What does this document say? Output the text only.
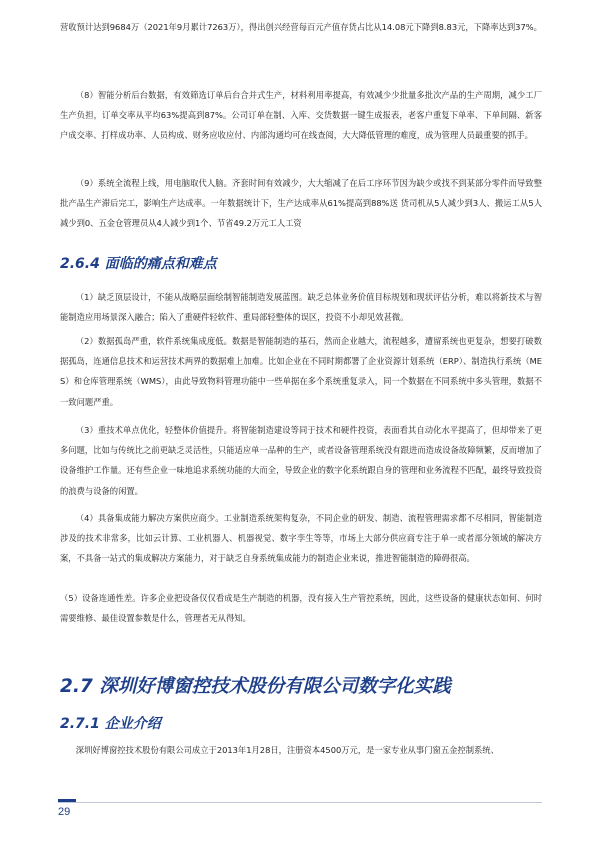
营收预计达到9684万（2021年9月累计7263万），得出创兴经营每百元产值存货占比从14.08元下降到8.83元，下降率达到37%。

（8）智能分析后台数据，有效筛选订单后台合并式生产，材料利用率提高，有效减少少批量多批次产品的生产周期，减少工厂生产负担，订单交率从平均63%提高到87%。公司订单在制、入库、交货数据一键生成报表，老客户重复下单率、下单间隔、新客户成交率、打样成功率、人员构成、财务应收应付、内部沟通均可在线查阅，大大降低管理的难度，成为管理人员最重要的抓手。

（9）系统全流程上线，用电脑取代人脑。齐套时间有效减少，大大缩减了在后工序环节因为缺少或找不到某部分零件而导致整批产品生产滞后完工，影响生产达成率。一年数据统计下，生产达成率从61%提高到88%送 货司机从5人减少到3人、搬运工从5人减少到0、五金仓管理员从4人减少到1个、节省49.2万元工人工资

2.6.4 面临的痛点和难点

（1）缺乏顶层设计，不能从战略层面绘制智能制造发展蓝图。缺乏总体业务价值目标规划和现状评估分析，难以将新技术与智能制造应用场景深入融合；陷入了重硬件轻软件、重局部轻整体的误区，投资不小却见效甚微。

（2）数据孤岛严重，软件系统集成度低。数据是智能制造的基石，然而企业越大，流程越多，遭留系统也更复杂，想要打破数据孤岛，连通信息技术和运营技术两界的数据难上加难。比如企业在不同时期都署了企业资源计划系统（ERP）、制造执行系统（MES）和仓库管理系统（WMS），由此导致物料管理功能中一些单据在多个系统重复录入，同一个数据在不同系统中多头管理，数据不一致问题严重。

（3）重技术单点优化，轻整体价值提升。将智能制造建设等同于技术和硬件投资，表面看其自动化水平提高了，但却带来了更多问题，比如与传统比之前更缺乏灵活性，只能适应单一品种的生产，或者设备管理系统没有跟进而造成设备故障频繁，反而增加了设备维护工作量。还有些企业一味地追求系统功能的大而全，导致企业的数字化系统跟自身的管理和业务流程不匹配，最终导致投资的浪费与设备的闲置。

（4）具备集成能力解决方案供应商少。工业制造系统架构复杂，不同企业的研发、制造、流程管理需求都不尽相同，智能制造涉及的技术非常多，比如云计算、工业机器人、机器视觉、数字孪生等等，市场上大部分供应商专注于单一或者部分领域的解决方案，不具备一站式的集成解决方案能力，对于缺乏自身系统集成能力的制造企业来说，推进智能制造的障碍很高。

（5）设备连通性差。许多企业把设备仅仅看成是生产制造的机器，没有接入生产管控系统，因此，这些设备的健康状态如何、何时需要维修、最佳设置参数是什么，管理者无从得知。

2.7 深圳好博窗控技术股份有限公司数字化实践
2.7.1 企业介绍

深圳好博窗控技术股份有限公司成立于2013年1月28日，注册资本4500万元，是一家专业从事门窗五金控制系统、

29
